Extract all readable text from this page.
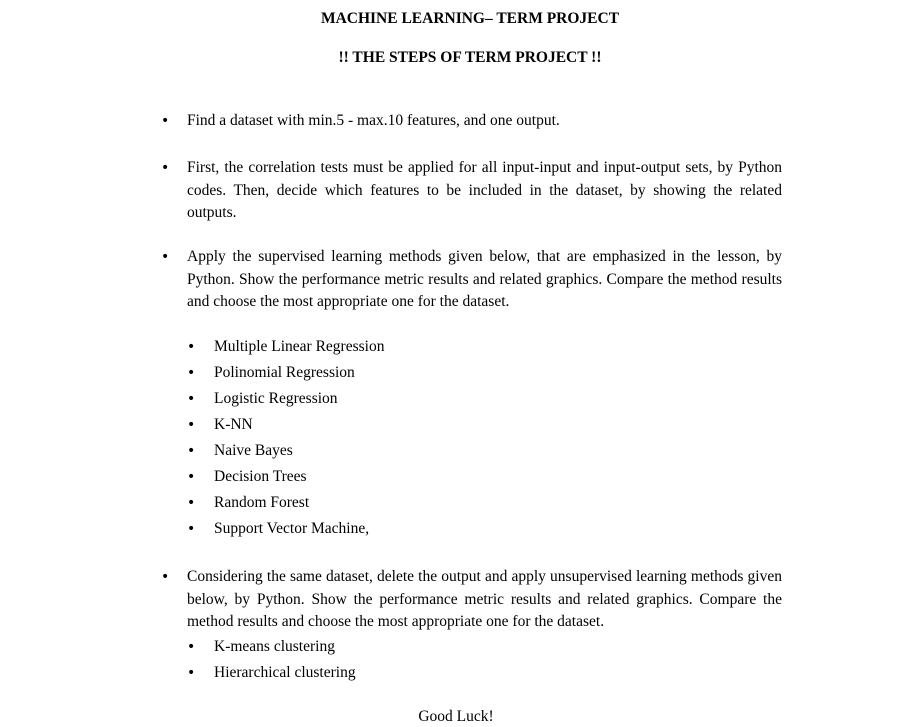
MACHINE LEARNING– TERM PROJECT

!! THE STEPS OF TERM PROJECT !!

• Find a dataset with min.5 - max.10 features, and one output.
• First, the correlation tests must be applied for all input-input and input-output sets, by Python codes. Then, decide which features to be included in the dataset, by showing the related outputs.
• Apply the supervised learning methods given below, that are emphasized in the lesson, by Python. Show the performance metric results and related graphics. Compare the method results and choose the most appropriate one for the dataset.
• Multiple Linear Regression
• Polinomial Regression
• Logistic Regression
• K-NN
• Naive Bayes
• Decision Trees
• Random Forest
• Support Vector Machine,
• Considering the same dataset, delete the output and apply unsupervised learning methods given below, by Python. Show the performance metric results and related graphics. Compare the method results and choose the most appropriate one for the dataset.
• K-means clustering
• Hierarchical clustering

Good Luck!
